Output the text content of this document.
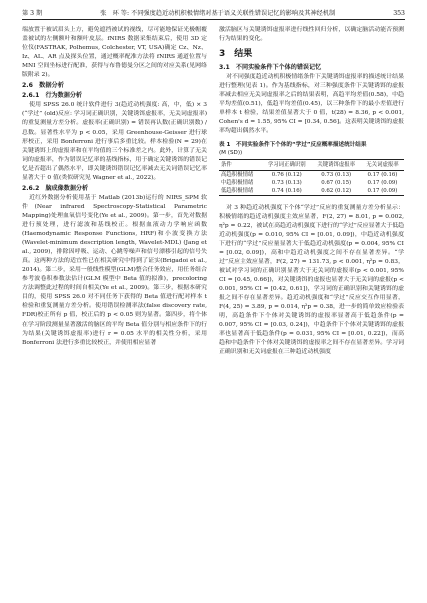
第 3 期	张　环 等: 不同强度趋近动机积极情绪对基于语义关联性错误记忆的影响及其神经机制	353

端放置于被试眉头上方，避免遮挡被试的视线，尽可能地保证光极帽覆盖被试的左侧额叶和额叶皮层。fNIRS 数据采集结束后，使用 3D 定位仪(FASTRAK, Polhemus, Colchester, VT, USA)确定 Cz、Nz、Iz、AL、AR 点及探头位置，通过概率配准方法将 fNIRS 通道位置与 MNI 空间坐标进行配准，获得与布鲁德曼分区之间的对应关系(见网络版附录 2)。

2.6　数据分析
2.6.1　行为数据分析

使用 SPSS 26.0 统计软件进行 3(趋近动机强度: 高，中，低) × 3 (“学过” (old)反应: 学习词正确识别，关键诱饵虚报率，无关词虚报率)的重复测量方差分析。虚报率(正确识别) = 错误再认数(正确识别数) / 总数。显著性水平为 p < 0.05，采用 Greenhouse-Geisser 进行球形校正，采用 Bonferroni 进行事后多重比较。样本检验(N = 29)在关键诱饵上的虚报率和在平均值的三个标准差之内。此外，计算了无关词的虚报率，作为错误记忆率的基线指标，用于确定关键诱饵的错误记忆是否超出了偶然水平，即关键诱饵错误记忆率减去无关词错误记忆率显著大于 0 值(类似研究见 Wagner et al., 2022)。

2.6.2　脑成像数据分析

近红外数据分析使用基于 Matlab (2013b)运行的 NIRS_SPM 软件(Near infrared Spectroscopy-Statistical Parametric Mapping)处理血氧信号变化(Ye et al., 2009)。第一步，首先对数据进行预处理，进行滤波和基线校正。根据血液动力学响应函数(Haemodynamic Response Functions, HRF)和小波变换方法(Wavelet-minimum description length, Wavelet-MDL) (Jang et al., 2009)，排除因呼吸、运动、心跳等噪声和信号漂移引起的信号失真。这两种方法的适宜性已在相关研究中得到了证实(Brigadoi et al., 2014)。第二步，采用一般线性模型(GLM)整合任务效应，用任务组合参考波卷积参数法估计(GLM 模型中 Beta 值的拟准)，precoloring 方法调整此过程的时间自相关(Ye et al., 2009)。第三步，根据本研究目的，使用 SPSS 26.0 对不同任务下获得的 Beta 值进行配对样本 t 检验和重复测量方差分析。使用错误检测率法(false discovery rate, FDR)校正所有 p 值，校正后的 p < 0.05 则为显著。第四步，将个体在学习阶段测量显著激活的脑区的平均 Beta 值分别与相应条件下的行为结果(关键诱饵虚报率)进行 r = 0.05 水平的相关性分析，采用 Bonferroni 法进行多重比较校正，并使用相应显著

激活脑区与关键诱饵虚报率进行线性回归分析，以确定脑活动能否预测行为结果的变化。

3　结果
3.1　不同实验条件下个体的错误记忆

对不同强度趋近动机积极情绪条件下关键诱饵虚报率的描述统计结果进行整理(见表 1)。作为基线指标，对三种强度条件下关键诱饵的虚报率减去相应无关词虚报率之后的结果表明，高趋平均差值(0.58)，中趋平均差值(0.51)，低趋平均差值(0.45)，以三种条件下的最小差值进行单样本 t 检验，结果差值显著大于 0 值，t(28) = 8.36, p < 0.001, Cohen's d = 1.55, 95% CI = [0.34, 0.56]。这表明关键诱饵的虚报率均超出偶然水平。

表 1　不同实验条件下个体的“学过”反应概率描述统计结果
(M (SD))
条件	学习词正确识别	关键诱饵虚报率	无关词虚报率
高趋积极情绪	0.76 (0.12)	0.73 (0.13)	0.17 (0.16)
中趋积极情绪	0.73 (0.13)	0.67 (0.15)	0.17 (0.09)
低趋积极情绪	0.74 (0.16)	0.62 (0.12)	0.17 (0.09)

对 3 种趋近动机强度下个体“学过”反应的重复测量方差分析显示：积极情绪的趋近动机强度主效应显著，F(2, 27) = 8.01, p = 0.002, η²p = 0.22，被试在高趋近动机强度下进行的“学过”反应显著大于低趋近动机强度(p = 0.010, 95% CI = [0.01, 0.09])，中趋近动机强度下进行的“学过”反应量显著大于低趋近动机强度(p = 0.004, 95% CI = [0.02, 0.09])，高和中趋近动机强度之间不存在显著差异。“学过”反应主效应显著，F(2, 27) = 131.73, p < 0.001, η²p = 0.83，被试对学习词的正确识别显著大于无关词的虚报率(p < 0.001, 95% CI = [0.45, 0.66])，对关键诱饵的虚报也显著大于无关词的虚报(p < 0.001, 95% CI = [0.42, 0.61])，学习词的正确识别和关键诱饵的虚报之间不存在显著差异。趋近动机强度和“学过”反应交互作用显著，F(4, 25) = 3.89, p = 0.014, η²p = 0.38，进一步的简单效应检验表明，高趋条件下个体对关键诱饵的虚报率显著高于低趋条件(p = 0.007, 95% CI = [0.03, 0.24])，中趋条件下个体对关键诱饵的虚报率也显著高于低趋条件(p = 0.031, 95% CI = [0.01, 0.22])，而高趋和中趋条件下个体对关键诱饵的虚报率之间不存在显著差异。学习词正确识别和无关词虚报在三种趋近动机强度
